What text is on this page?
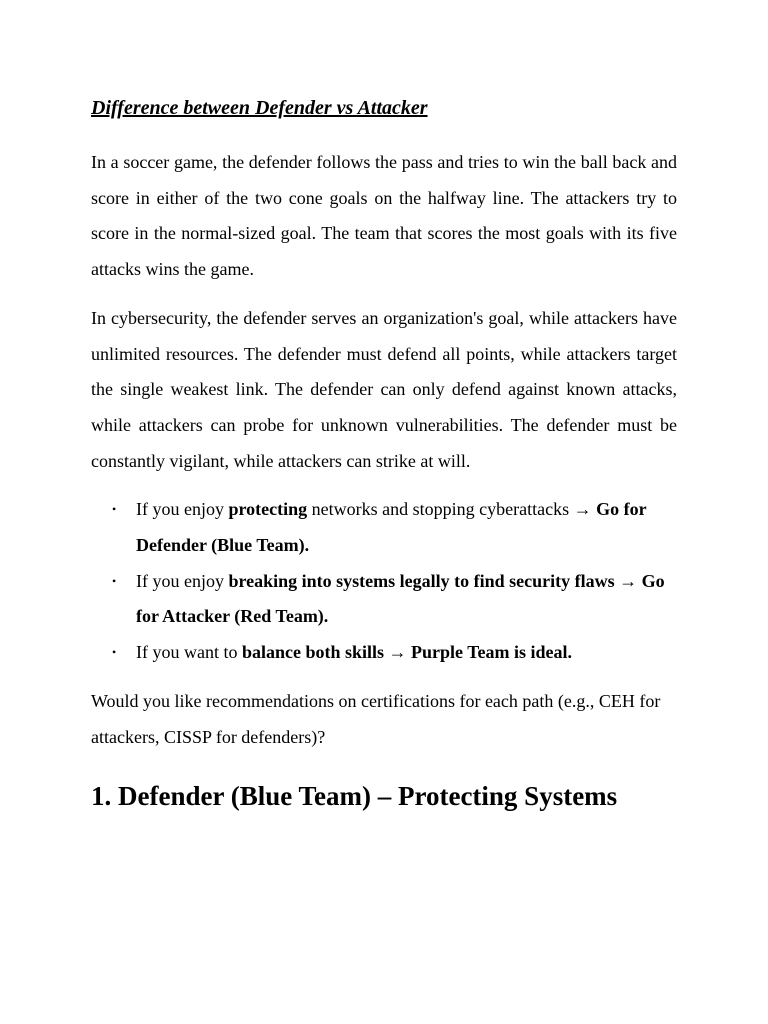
Difference between Defender vs Attacker

In a soccer game, the defender follows the pass and tries to win the ball back and score in either of the two cone goals on the halfway line. The attackers try to score in the normal-sized goal. The team that scores the most goals with its five attacks wins the game.

In cybersecurity, the defender serves an organization's goal, while attackers have unlimited resources. The defender must defend all points, while attackers target the single weakest link. The defender can only defend against known attacks, while attackers can probe for unknown vulnerabilities. The defender must be constantly vigilant, while attackers can strike at will.

• If you enjoy protecting networks and stopping cyberattacks → Go for Defender (Blue Team).
• If you enjoy breaking into systems legally to find security flaws → Go for Attacker (Red Team).
• If you want to balance both skills → Purple Team is ideal.

Would you like recommendations on certifications for each path (e.g., CEH for attackers, CISSP for defenders)?

1. Defender (Blue Team) – Protecting Systems
